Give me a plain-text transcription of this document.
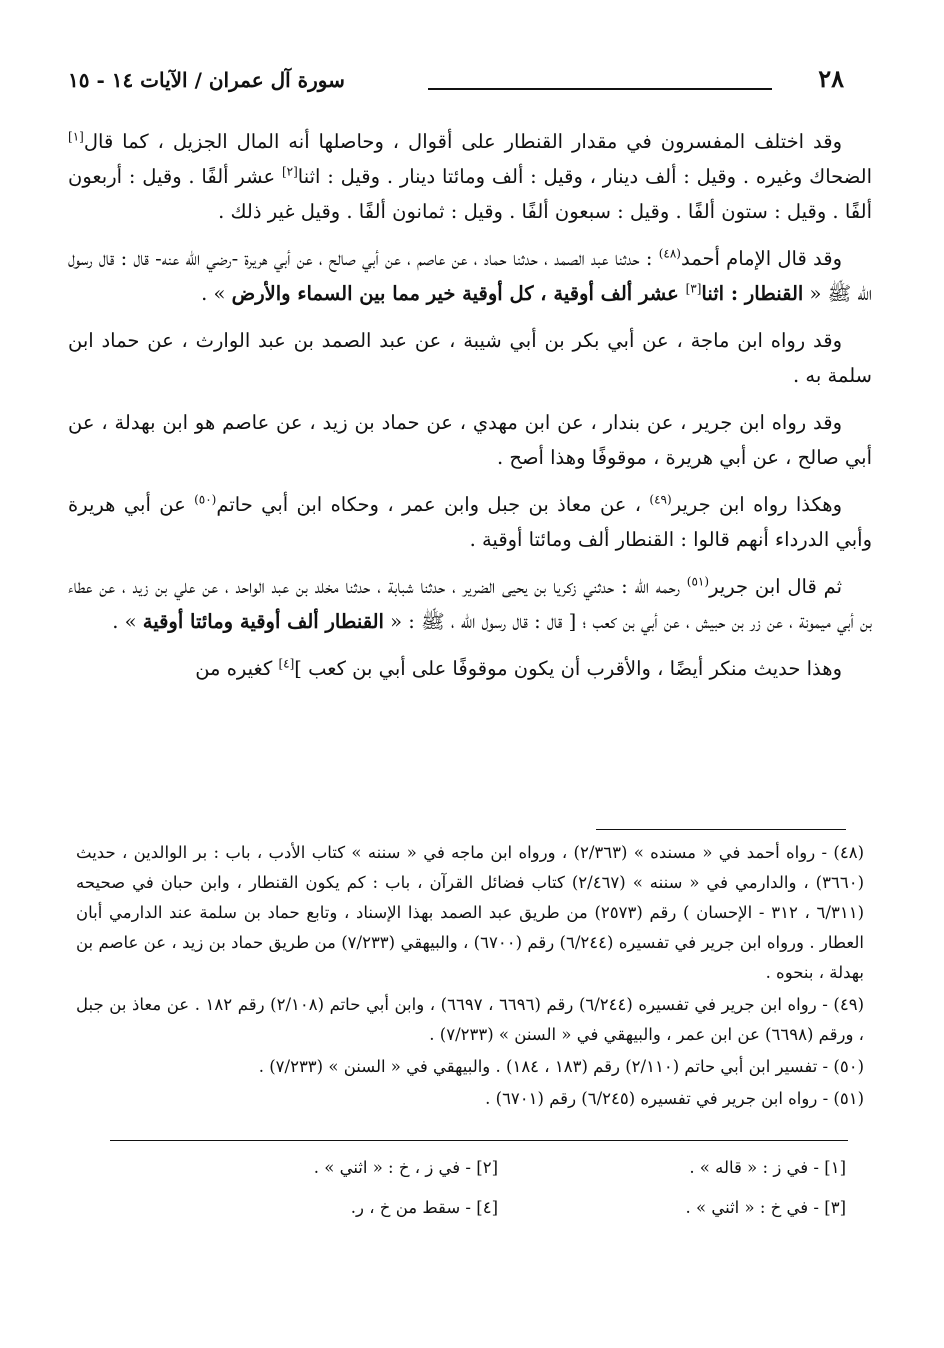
٢٨
سورة آل عمران / الآيات ١٤ - ١٥

وقد اختلف المفسرون في مقدار القنطار على أقوال ، وحاصلها أنه المال الجزيل ، كما قال[١] الضحاك وغيره . وقيل : ألف دينار ، وقيل : ألف ومائتا دينار . وقيل : اثنا[٢] عشر ألفًا . وقيل : أربعون ألفًا . وقيل : ستون ألفًا . وقيل : سبعون ألفًا . وقيل : ثمانون ألفًا . وقيل غير ذلك .

وقد قال الإمام أحمد$^{(٤٨)}$ : حدثنا عبد الصمد ، حدثنا حماد ، عن عاصم ، عن أبي صالح ، عن أبي هريرة -رضي الله عنه- قال : قال رسول الله ﷺ « القنطار : اثنا[٣] عشر ألف أوقية ، كل أوقية خير مما بين السماء والأرض » .

وقد رواه ابن ماجة ، عن أبي بكر بن أبي شيبة ، عن عبد الصمد بن عبد الوارث ، عن حماد ابن سلمة به .

وقد رواه ابن جرير ، عن بندار ، عن ابن مهدي ، عن حماد بن زيد ، عن عاصم هو ابن بهدلة ، عن أبي صالح ، عن أبي هريرة ، موقوفًا وهذا أصح .

وهكذا رواه ابن جرير$^{(٤٩)}$ ، عن معاذ بن جبل وابن عمر ، وحكاه ابن أبي حاتم$^{(٥٠)}$ عن أبي هريرة وأبي الدرداء أنهم قالوا : القنطار ألف ومائتا أوقية .

ثم قال ابن جرير$^{(٥١)}$ رحمه الله : حدثني زكريا بن يحيى الضرير ، حدثنا شبابة ، حدثنا مخلد بن عبد الواحد ، عن علي بن زيد ، عن عطاء بن أبي ميمونة ، عن زر بن حبيش ، عن أبي بن كعب ؛ [ قال : قال رسول الله ، ﷺ : « القنطار ألف أوقية ومائتا أوقية » .

وهذا حديث منكر أيضًا ، والأقرب أن يكون موقوفًا على أبي بن كعب ][٤] كغيره من

(٤٨) - رواه أحمد في « مسنده » (٢/٣٦٣) ، ورواه ابن ماجه في « سننه » كتاب الأدب ، باب : بر الوالدين ، حديث (٣٦٦٠) ، والدارمي في « سننه » (٢/٤٦٧) كتاب فضائل القرآن ، باب : كم يكون القنطار ، وابن حبان في صحيحه (٦/٣١١ ، ٣١٢ - الإحسان ) رقم (٢٥٧٣) من طريق عبد الصمد بهذا الإسناد ، وتابع حماد بن سلمة عند الدارمي أبان العطار . ورواه ابن جرير في تفسيره (٦/٢٤٤) رقم (٦٧٠٠) ، والبيهقي (٧/٢٣٣) من طريق حماد بن زيد ، عن عاصم بن بهدلة ، بنحوه .

(٤٩) - رواه ابن جرير في تفسيره (٦/٢٤٤) رقم (٦٦٩٦ ، ٦٦٩٧) ، وابن أبي حاتم (٢/١٠٨) رقم ١٨٢ . عن معاذ بن جبل ، ورقم (٦٦٩٨) عن ابن عمر ، والبيهقي في « السنن » (٧/٢٣٣) .

(٥٠) - تفسير ابن أبي حاتم (٢/١١٠) رقم (١٨٣ ، ١٨٤) . والبيهقي في « السنن » (٧/٢٣٣) .

(٥١) - رواه ابن جرير في تفسيره (٦/٢٤٥) رقم (٦٧٠١) .

[١] - في ز : « قاله » .
[٢] - في ز ، خ : « اثني » .
[٣] - في خ : « اثني » .
[٤] - سقط من خ ، ر.
